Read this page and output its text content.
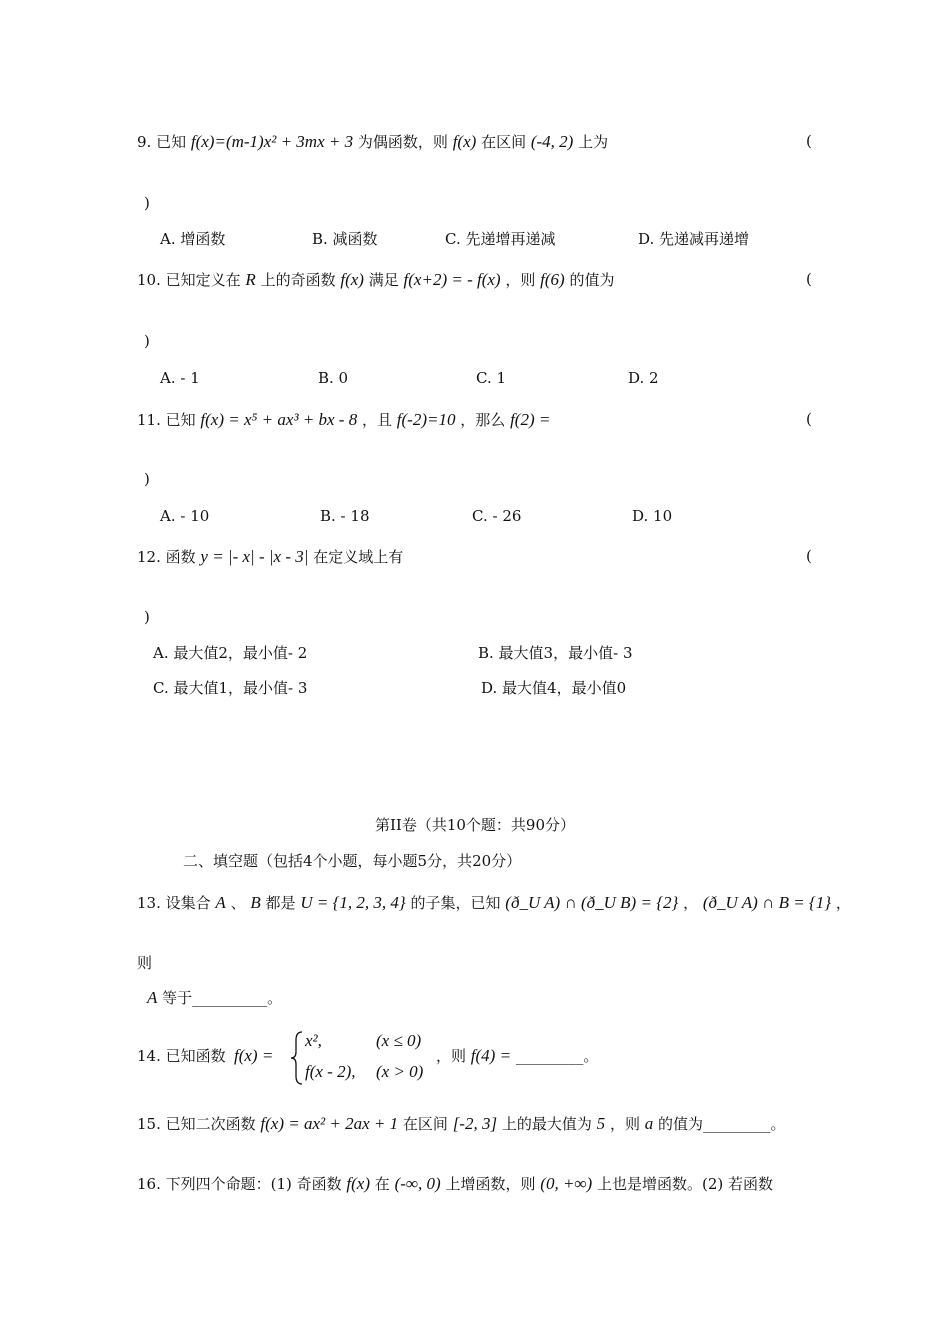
9. 已知 f(x)=(m-1)x² + 3mx + 3 为偶函数，则 f(x) 在区间 (-4, 2) 上为	(
)
A. 增函数	B. 减函数	C. 先递增再递减	D. 先递减再递增
10. 已知定义在 R 上的奇函数 f(x) 满足 f(x+2) = - f(x) ，则 f(6) 的值为	(
)
A. - 1	B. 0	C. 1	D. 2
11. 已知 f(x) = x⁵ + ax³ + bx - 8 ，且 f(-2)=10 ，那么 f(2) =	(
)
A. - 10	B. - 18	C. - 26	D. 10
12. 函数 y = |- x| - |x - 3| 在定义域上有	(
)
A. 最大值2，最小值- 2	B. 最大值3，最小值- 3
C. 最大值1，最小值- 3	D. 最大值4，最小值0
第II卷（共10个题：共90分）
二、填空题（包括4个小题，每小题5分，共20分）
13. 设集合 A 、 B 都是 U = {1, 2, 3, 4} 的子集，已知 (ð_U A) ∩ (ð_U B) = {2} ， (ð_U A) ∩ B = {1} ，
则
A 等于__________。
14. 已知函数 f(x) =
x²,	(x ≤ 0)
f(x - 2), (x > 0)
，则 f(4) = _________。
15. 已知二次函数 f(x) = ax² + 2ax + 1 在区间 [-2, 3] 上的最大值为 5 ，则 a 的值为_________。
16. 下列四个命题：(1) 奇函数 f(x) 在 (-∞, 0) 上增函数，则 (0, +∞) 上也是增函数。(2) 若函数
